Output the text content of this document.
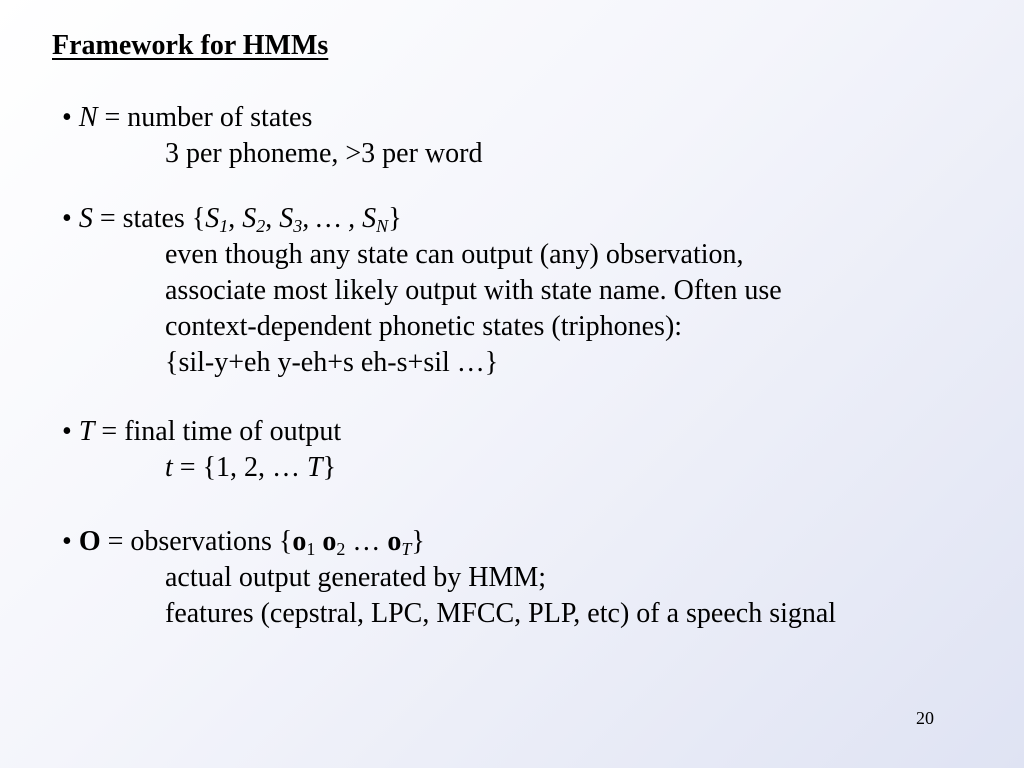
Framework for HMMs
• N = number of states
3 per phoneme, >3 per word
• S = states {$S_1$, $S_2$, $S_3$, … , $S_N$}
even though any state can output (any) observation,
associate most likely output with state name. Often use
context-dependent phonetic states (triphones):
{sil-y+eh y-eh+s eh-s+sil …}
• T = final time of output
t = {1, 2, … T}
• O = observations {$o_1$ $o_2$ … $o_T$}
actual output generated by HMM;
features (cepstral, LPC, MFCC, PLP, etc) of a speech signal
20
